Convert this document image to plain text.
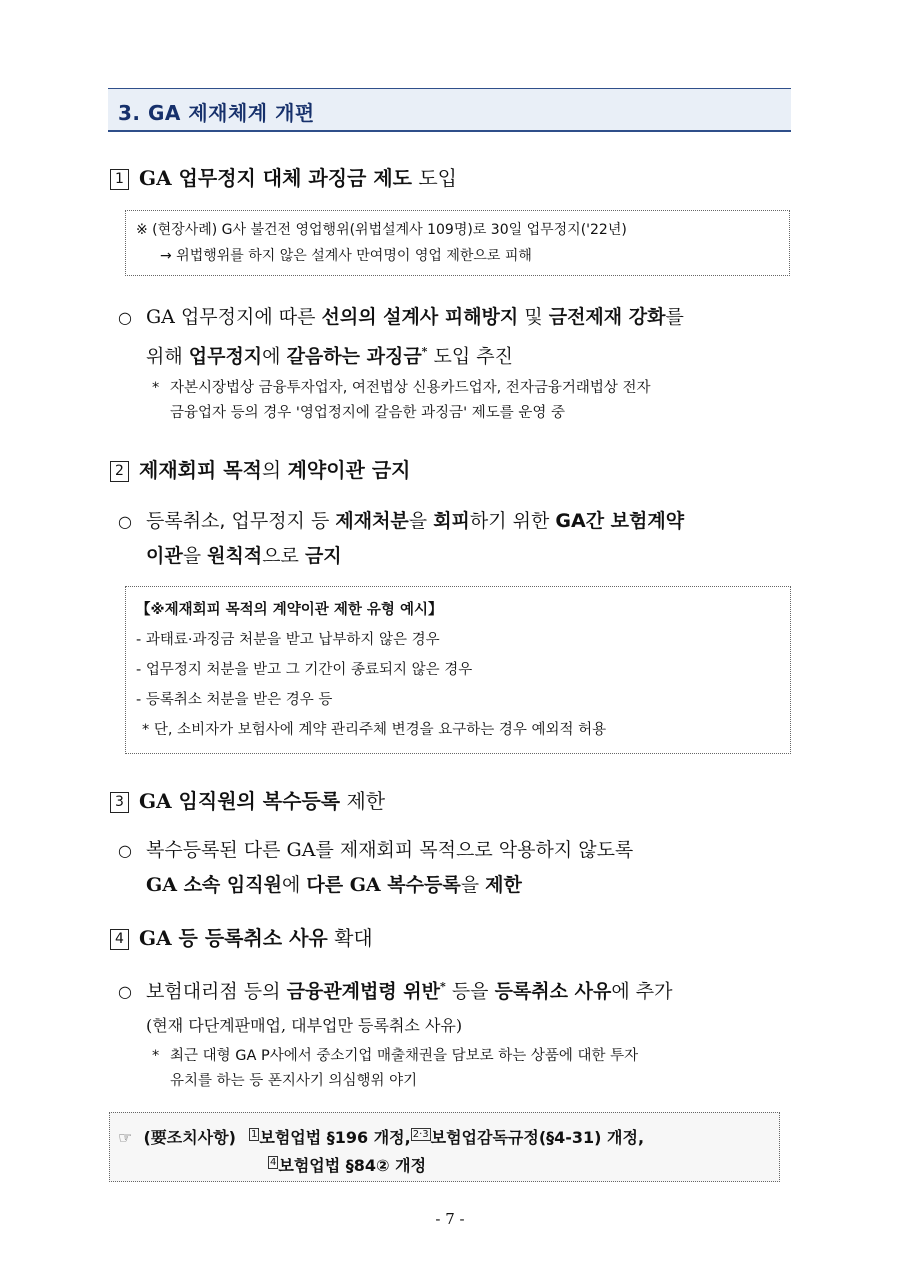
3. GA 제재체계 개편
1 GA 업무정지 대체 과징금 제도 도입
※ (현장사례) G사 불건전 영업행위(위법설계사 109명)로 30일 업무정지('22년)
→ 위법행위를 하지 않은 설계사 만여명이 영업 제한으로 피해
○ GA 업무정지에 따른 선의의 설계사 피해방지 및 금전제재 강화를
위해 업무정지에 갈음하는 과징금* 도입 추진
* 자본시장법상 금융투자업자, 여전법상 신용카드업자, 전자금융거래법상 전자
금융업자 등의 경우 '영업정지에 갈음한 과징금' 제도를 운영 중
2 제재회피 목적의 계약이관 금지
○ 등록취소, 업무정지 등 제재처분을 회피하기 위한 GA간 보험계약
이관을 원칙적으로 금지
【※제재회피 목적의 계약이관 제한 유형 예시】
- 과태료·과징금 처분을 받고 납부하지 않은 경우
- 업무정지 처분을 받고 그 기간이 종료되지 않은 경우
- 등록취소 처분을 받은 경우 등
* 단, 소비자가 보험사에 계약 관리주체 변경을 요구하는 경우 예외적 허용
3 GA 임직원의 복수등록 제한
○ 복수등록된 다른 GA를 제재회피 목적으로 악용하지 않도록
GA 소속 임직원에 다른 GA 복수등록을 제한
4 GA 등 등록취소 사유 확대
○ 보험대리점 등의 금융관계법령 위반* 등을 등록취소 사유에 추가
(현재 다단계판매업, 대부업만 등록취소 사유)
* 최근 대형 GA P사에서 중소기업 매출채권을 담보로 하는 상품에 대한 투자
유치를 하는 등 폰지사기 의심행위 야기
☞ (要조치사항) $^1$ 보험업법 §196 개정, $^{2\cdot 3}$ 보험업감독규정(§4-31) 개정,
$^4$ 보험업법 §84② 개정
- 7 -
